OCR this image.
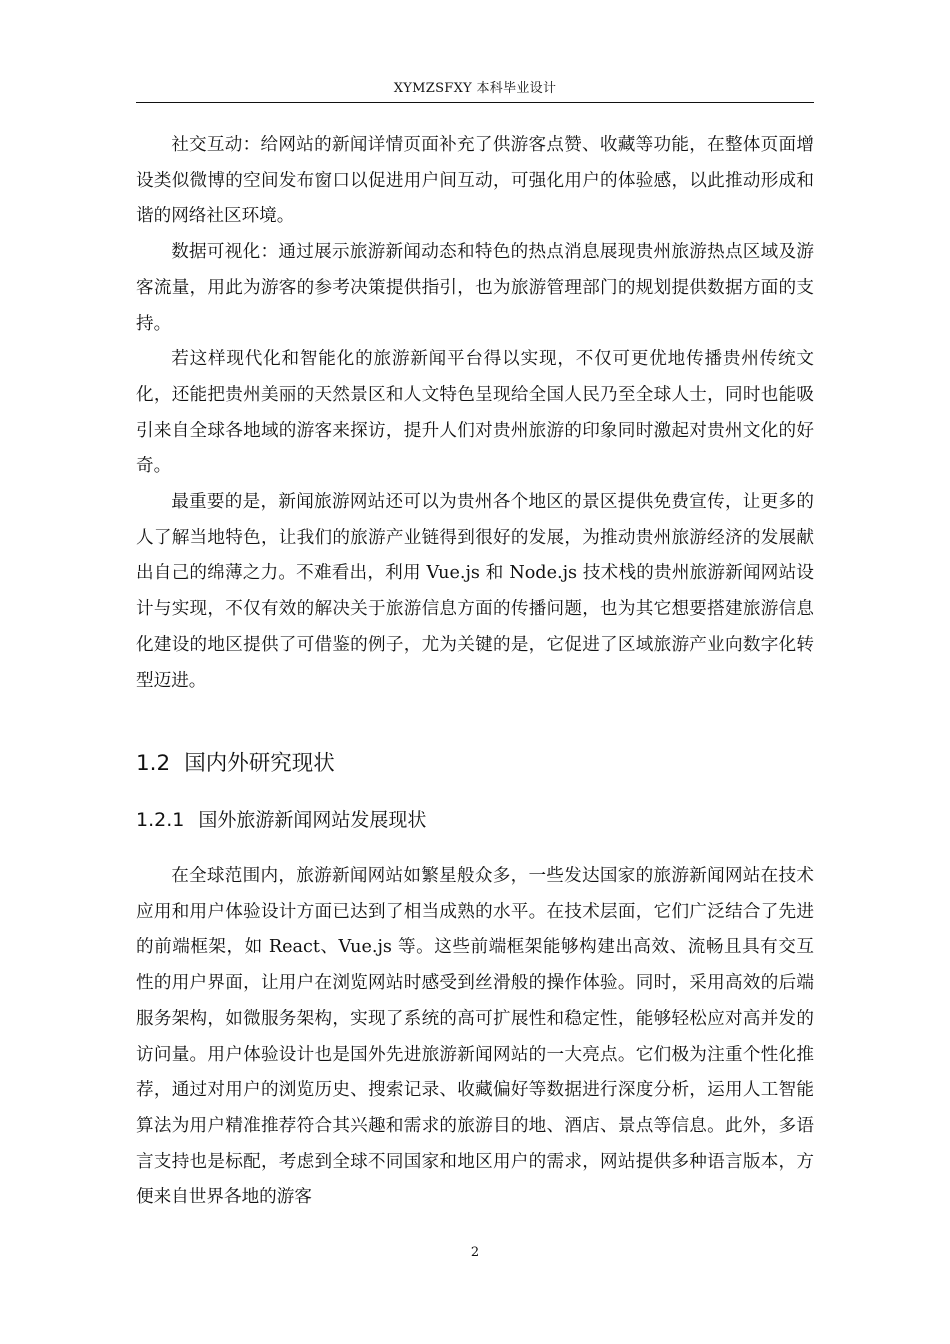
XYMZSFXY 本科毕业设计

社交互动：给网站的新闻详情页面补充了供游客点赞、收藏等功能，在整体页面增设类似微博的空间发布窗口以促进用户间互动，可强化用户的体验感，以此推动形成和谐的网络社区环境。

数据可视化：通过展示旅游新闻动态和特色的热点消息展现贵州旅游热点区域及游客流量，用此为游客的参考决策提供指引，也为旅游管理部门的规划提供数据方面的支持。

若这样现代化和智能化的旅游新闻平台得以实现，不仅可更优地传播贵州传统文化，还能把贵州美丽的天然景区和人文特色呈现给全国人民乃至全球人士，同时也能吸引来自全球各地域的游客来探访，提升人们对贵州旅游的印象同时激起对贵州文化的好奇。

最重要的是，新闻旅游网站还可以为贵州各个地区的景区提供免费宣传，让更多的人了解当地特色，让我们的旅游产业链得到很好的发展，为推动贵州旅游经济的发展献出自己的绵薄之力。不难看出，利用 Vue.js 和 Node.js 技术栈的贵州旅游新闻网站设计与实现，不仅有效的解决关于旅游信息方面的传播问题，也为其它想要搭建旅游信息化建设的地区提供了可借鉴的例子，尤为关键的是，它促进了区域旅游产业向数字化转型迈进。

1.2 国内外研究现状
1.2.1 国外旅游新闻网站发展现状

在全球范围内，旅游新闻网站如繁星般众多，一些发达国家的旅游新闻网站在技术应用和用户体验设计方面已达到了相当成熟的水平。在技术层面，它们广泛结合了先进的前端框架，如 React、Vue.js 等。这些前端框架能够构建出高效、流畅且具有交互性的用户界面，让用户在浏览网站时感受到丝滑般的操作体验。同时，采用高效的后端服务架构，如微服务架构，实现了系统的高可扩展性和稳定性，能够轻松应对高并发的访问量。用户体验设计也是国外先进旅游新闻网站的一大亮点。它们极为注重个性化推荐，通过对用户的浏览历史、搜索记录、收藏偏好等数据进行深度分析，运用人工智能算法为用户精准推荐符合其兴趣和需求的旅游目的地、酒店、景点等信息。此外，多语言支持也是标配，考虑到全球不同国家和地区用户的需求，网站提供多种语言版本，方便来自世界各地的游客

2
